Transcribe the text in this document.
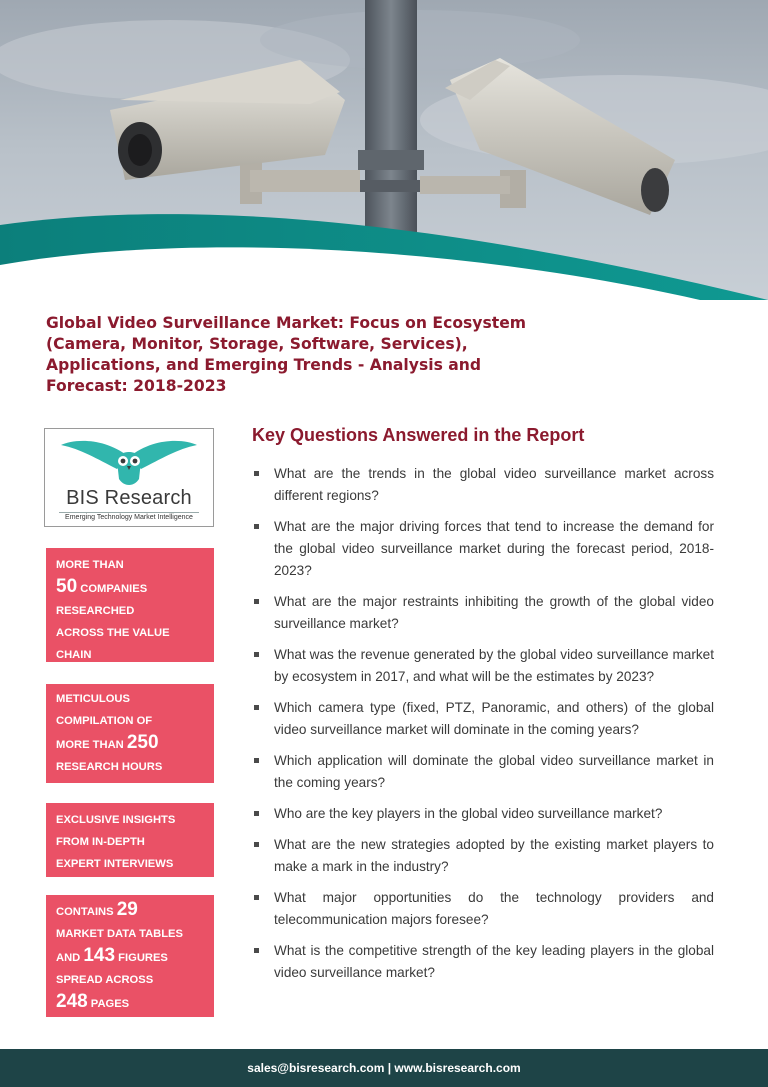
Global Video Surveillance Market: Focus on Ecosystem (Camera, Monitor, Storage, Software, Services), Applications, and Emerging Trends - Analysis and Forecast: 2018-2023
BIS Research
Emerging Technology Market Intelligence
MORE THAN
50 COMPANIES
RESEARCHED
ACROSS THE VALUE
CHAIN
METICULOUS
COMPILATION OF
MORE THAN 250
RESEARCH HOURS
EXCLUSIVE INSIGHTS
FROM IN-DEPTH
EXPERT INTERVIEWS
CONTAINS 29
MARKET DATA TABLES
AND 143 FIGURES
SPREAD ACROSS
248 PAGES
Key Questions Answered in the Report
What are the trends in the global video surveillance market across different regions?
What are the major driving forces that tend to increase the demand for the global video surveillance market during the forecast period, 2018-2023?
What are the major restraints inhibiting the growth of the global video surveillance market?
What was the revenue generated by the global video surveillance market by ecosystem in 2017, and what will be the estimates by 2023?
Which camera type (fixed, PTZ, Panoramic, and others) of the global video surveillance market will dominate in the coming years?
Which application will dominate the global video surveillance market in the coming years?
Who are the key players in the global video surveillance market?
What are the new strategies adopted by the existing market players to make a mark in the industry?
What major opportunities do the technology providers and telecommunication majors foresee?
What is the competitive strength of the key leading players in the global video surveillance market?
sales@bisresearch.com | www.bisresearch.com
